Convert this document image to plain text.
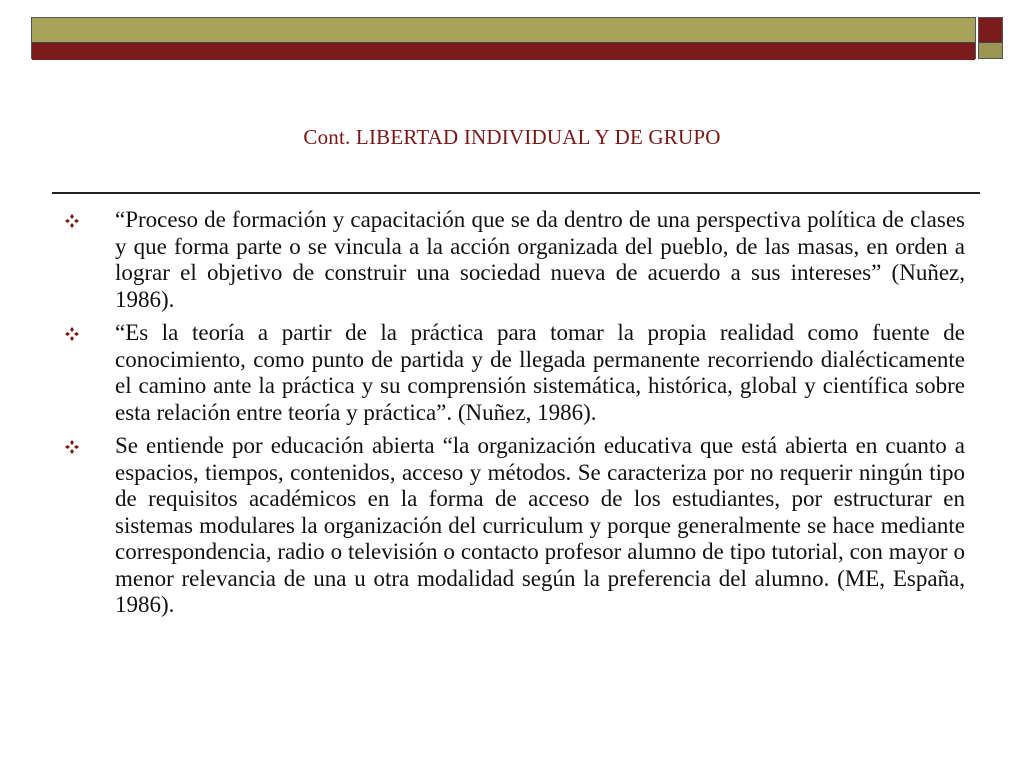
Cont. LIBERTAD INDIVIDUAL Y DE GRUPO
“Proceso de formación y capacitación que se da dentro de una perspectiva política de clases y que forma parte o se vincula a la acción organizada del pueblo, de las masas, en orden a lograr el objetivo de construir una sociedad nueva de acuerdo a sus intereses” (Nuñez, 1986).
“Es la teoría a partir de la práctica para tomar la propia realidad como fuente de conocimiento, como punto de partida y de llegada permanente recorriendo dialécticamente el camino ante la práctica y su comprensión sistemática, histórica, global y científica sobre esta relación entre teoría y práctica”. (Nuñez, 1986).
Se entiende por educación abierta “la organización educativa que está abierta en cuanto a espacios, tiempos, contenidos, acceso y métodos. Se caracteriza por no requerir ningún tipo de requisitos académicos en la forma de acceso de los estudiantes, por estructurar en sistemas modulares la organización del curriculum y porque generalmente se hace mediante correspondencia, radio o televisión o contacto profesor alumno de tipo tutorial, con mayor o menor relevancia de una u otra modalidad según la preferencia del alumno. (ME, España, 1986).
